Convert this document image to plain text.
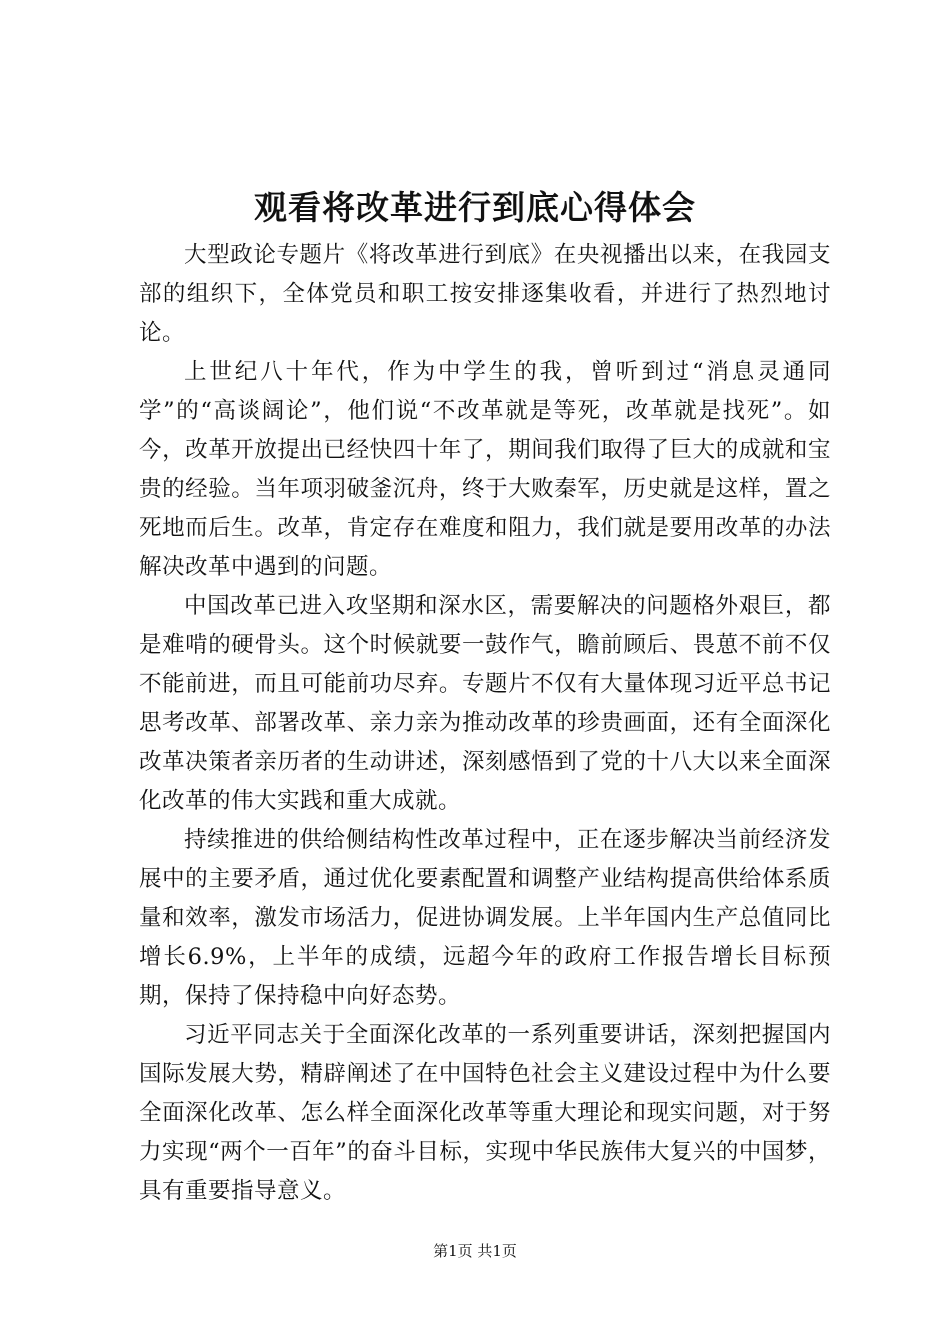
观看将改革进行到底心得体会

大型政论专题片《将改革进行到底》在央视播出以来，在我园支部的组织下，全体党员和职工按安排逐集收看，并进行了热烈地讨论。

上世纪八十年代，作为中学生的我，曾听到过“消息灵通同学”的“高谈阔论”，他们说“不改革就是等死，改革就是找死”。如今，改革开放提出已经快四十年了，期间我们取得了巨大的成就和宝贵的经验。当年项羽破釜沉舟，终于大败秦军，历史就是这样，置之死地而后生。改革，肯定存在难度和阻力，我们就是要用改革的办法解决改革中遇到的问题。

中国改革已进入攻坚期和深水区，需要解决的问题格外艰巨，都是难啃的硬骨头。这个时候就要一鼓作气，瞻前顾后、畏葸不前不仅不能前进，而且可能前功尽弃。专题片不仅有大量体现习近平总书记思考改革、部署改革、亲力亲为推动改革的珍贵画面，还有全面深化改革决策者亲历者的生动讲述，深刻感悟到了党的十八大以来全面深化改革的伟大实践和重大成就。

持续推进的供给侧结构性改革过程中，正在逐步解决当前经济发展中的主要矛盾，通过优化要素配置和调整产业结构提高供给体系质量和效率，激发市场活力，促进协调发展。上半年国内生产总值同比增长6.9%，上半年的成绩，远超今年的政府工作报告增长目标预期，保持了保持稳中向好态势。

习近平同志关于全面深化改革的一系列重要讲话，深刻把握国内国际发展大势，精辟阐述了在中国特色社会主义建设过程中为什么要全面深化改革、怎么样全面深化改革等重大理论和现实问题，对于努力实现“两个一百年”的奋斗目标，实现中华民族伟大复兴的中国梦，具有重要指导意义。

第1页 共1页
